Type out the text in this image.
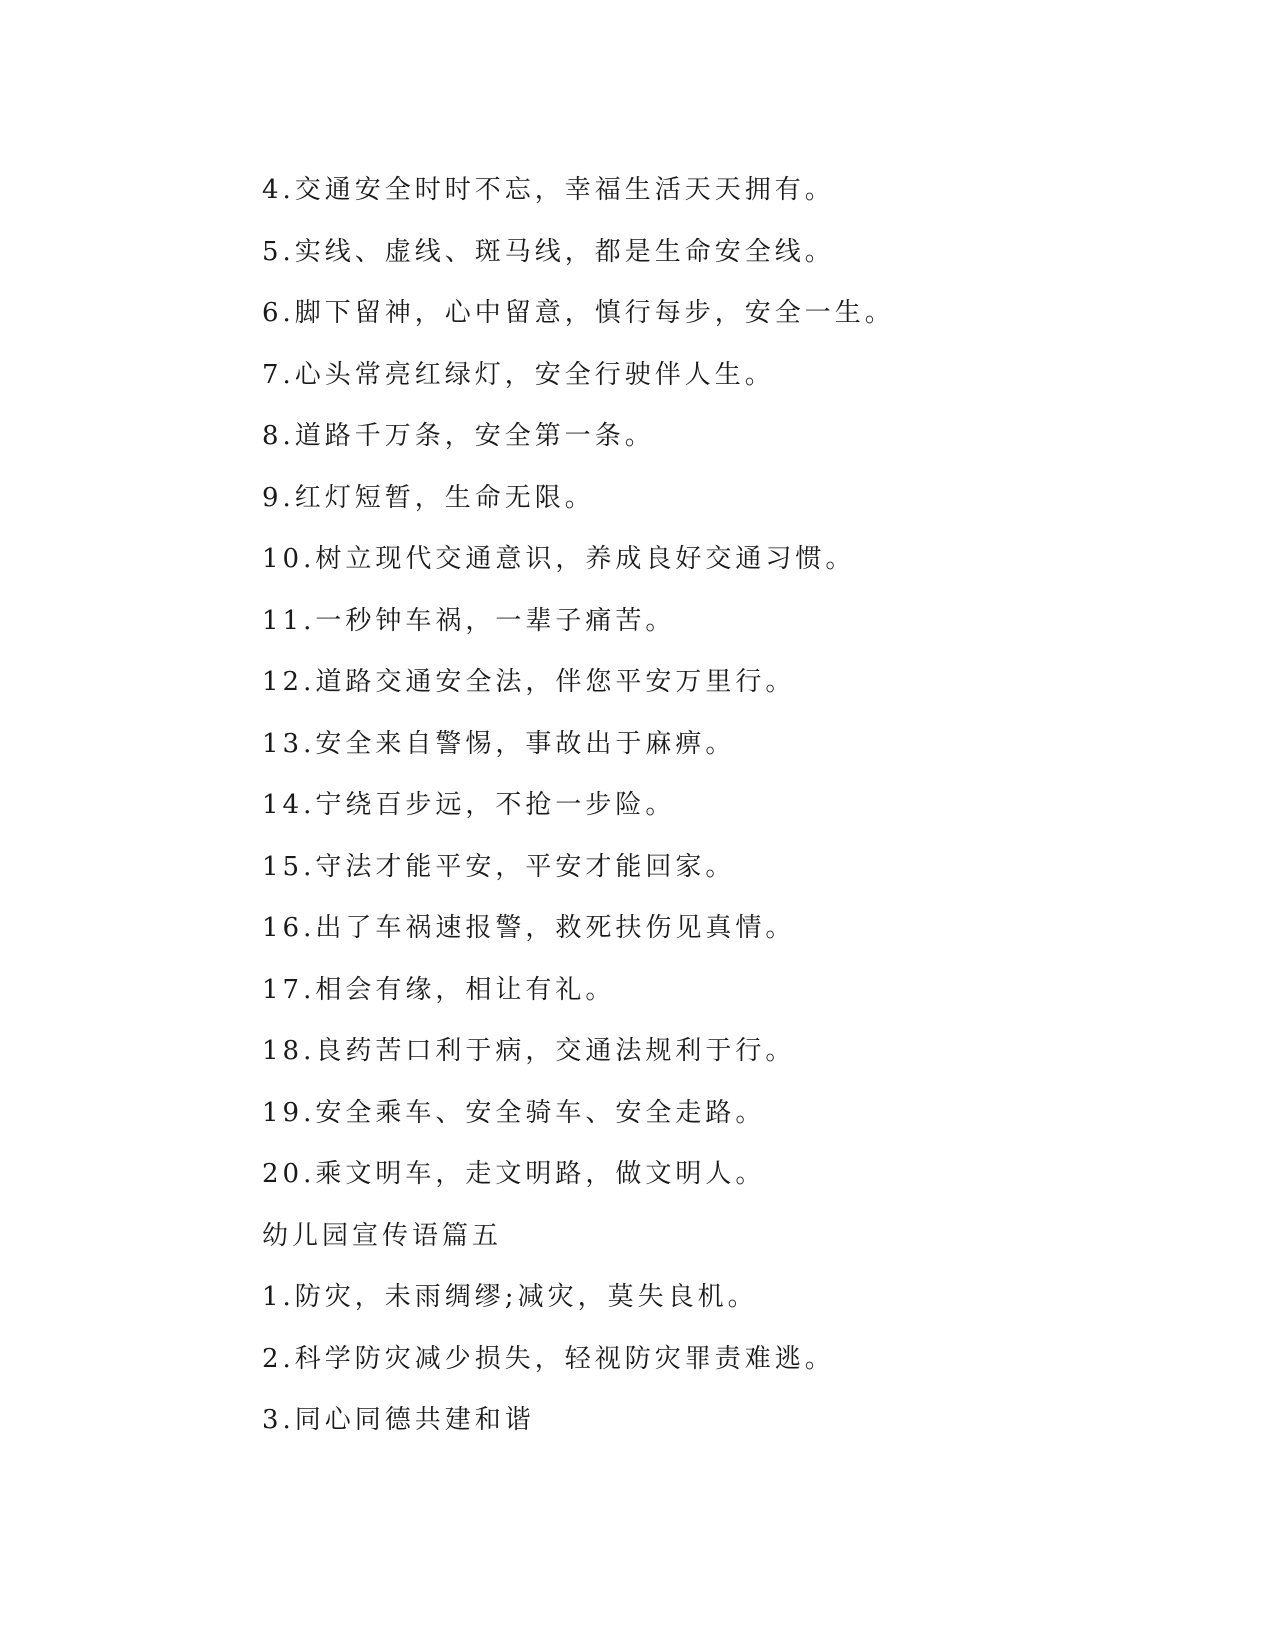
4.交通安全时时不忘，幸福生活天天拥有。
5.实线、虚线、斑马线，都是生命安全线。
6.脚下留神，心中留意，慎行每步，安全一生。
7.心头常亮红绿灯，安全行驶伴人生。
8.道路千万条，安全第一条。
9.红灯短暂，生命无限。
10.树立现代交通意识，养成良好交通习惯。
11.一秒钟车祸，一辈子痛苦。
12.道路交通安全法，伴您平安万里行。
13.安全来自警惕，事故出于麻痹。
14.宁绕百步远，不抢一步险。
15.守法才能平安，平安才能回家。
16.出了车祸速报警，救死扶伤见真情。
17.相会有缘，相让有礼。
18.良药苦口利于病，交通法规利于行。
19.安全乘车、安全骑车、安全走路。
20.乘文明车，走文明路，做文明人。
幼儿园宣传语篇五
1.防灾，未雨绸缪;减灾，莫失良机。
2.科学防灾减少损失，轻视防灾罪责难逃。
3.同心同德共建和谐
